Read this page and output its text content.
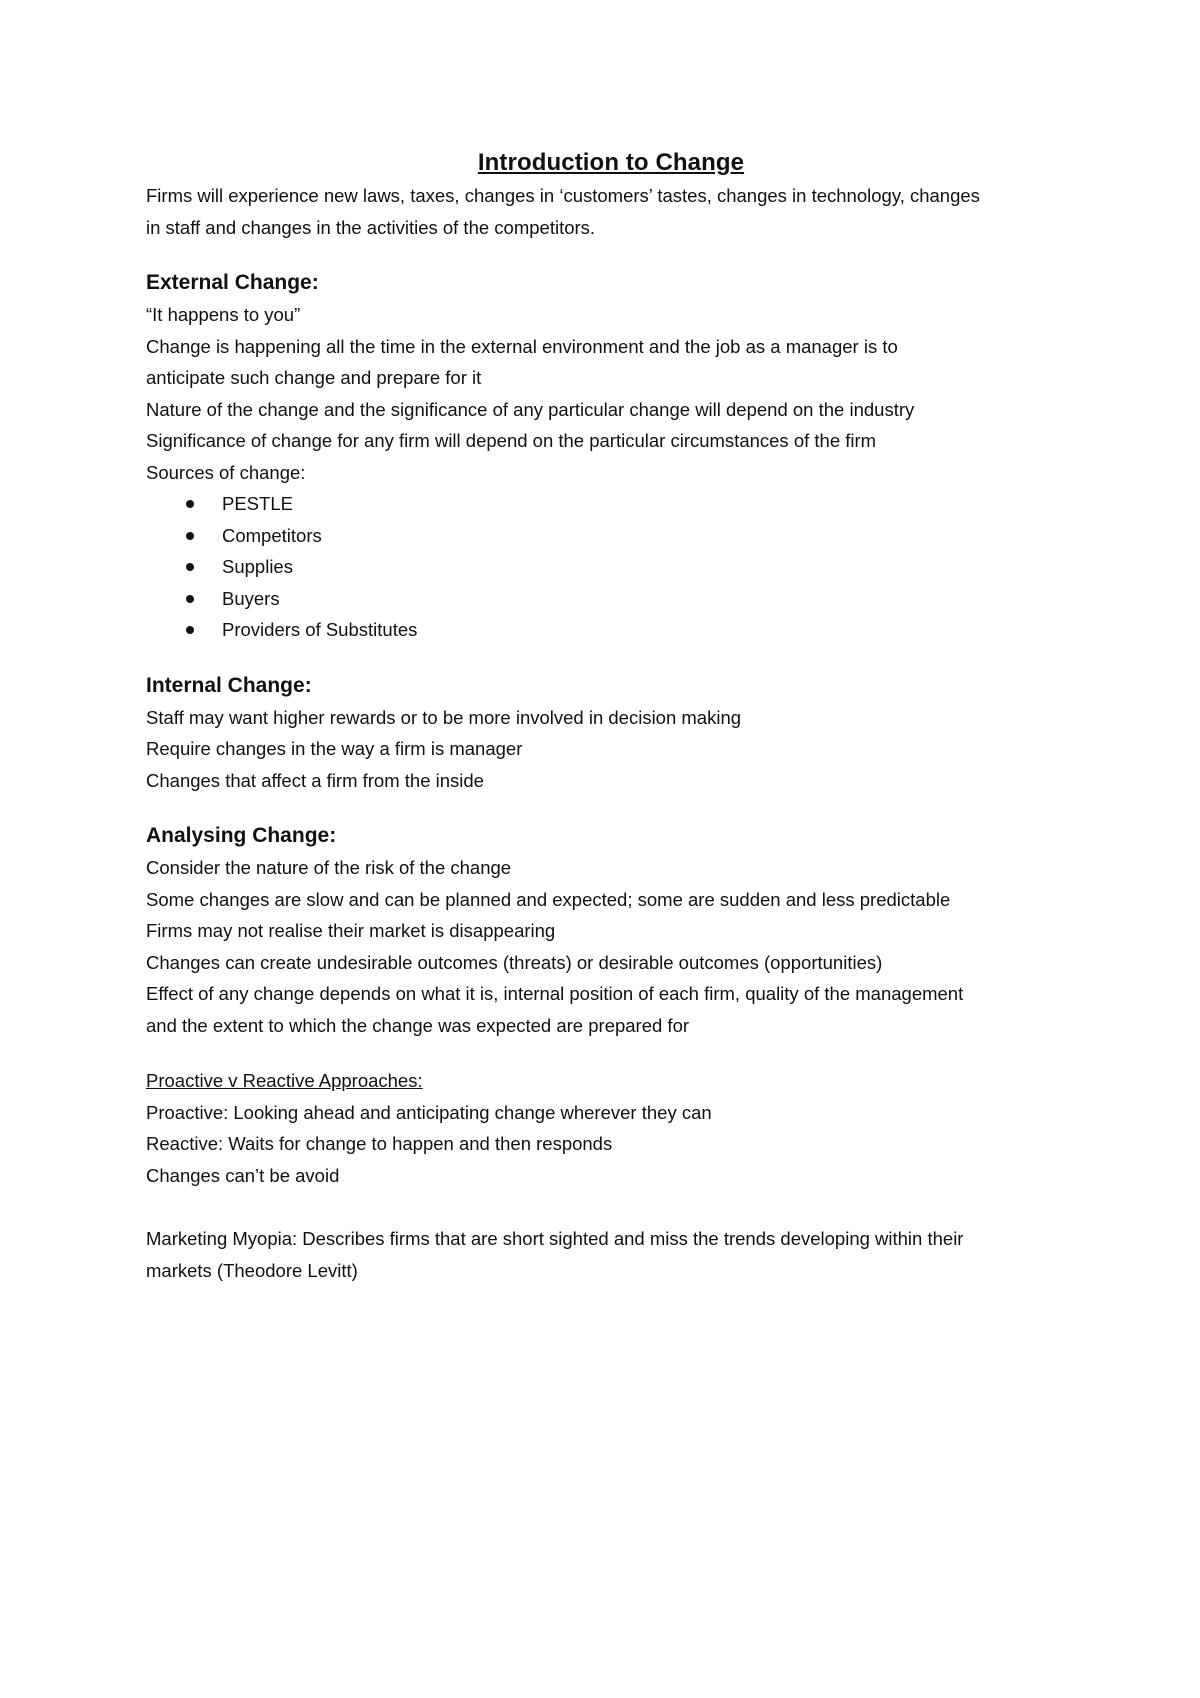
Introduction to Change

Firms will experience new laws, taxes, changes in ‘customers’ tastes, changes in technology, changes

in staff and changes in the activities of the competitors.

External Change:

“It happens to you”

Change is happening all the time in the external environment and the job as a manager is to

anticipate such change and prepare for it

Nature of the change and the significance of any particular change will depend on the industry

Significance of change for any firm will depend on the particular circumstances of the firm

Sources of change:

PESTLE
Competitors
Supplies
Buyers
Providers of Substitutes
Internal Change:

Staff may want higher rewards or to be more involved in decision making

Require changes in the way a firm is manager

Changes that affect a firm from the inside

Analysing Change:

Consider the nature of the risk of the change

Some changes are slow and can be planned and expected; some are sudden and less predictable

Firms may not realise their market is disappearing

Changes can create undesirable outcomes (threats) or desirable outcomes (opportunities)

Effect of any change depends on what it is, internal position of each firm, quality of the management

and the extent to which the change was expected are prepared for

Proactive v Reactive Approaches:

Proactive: Looking ahead and anticipating change wherever they can

Reactive: Waits for change to happen and then responds

Changes can’t be avoid

Marketing Myopia: Describes firms that are short sighted and miss the trends developing within their

markets (Theodore Levitt)
